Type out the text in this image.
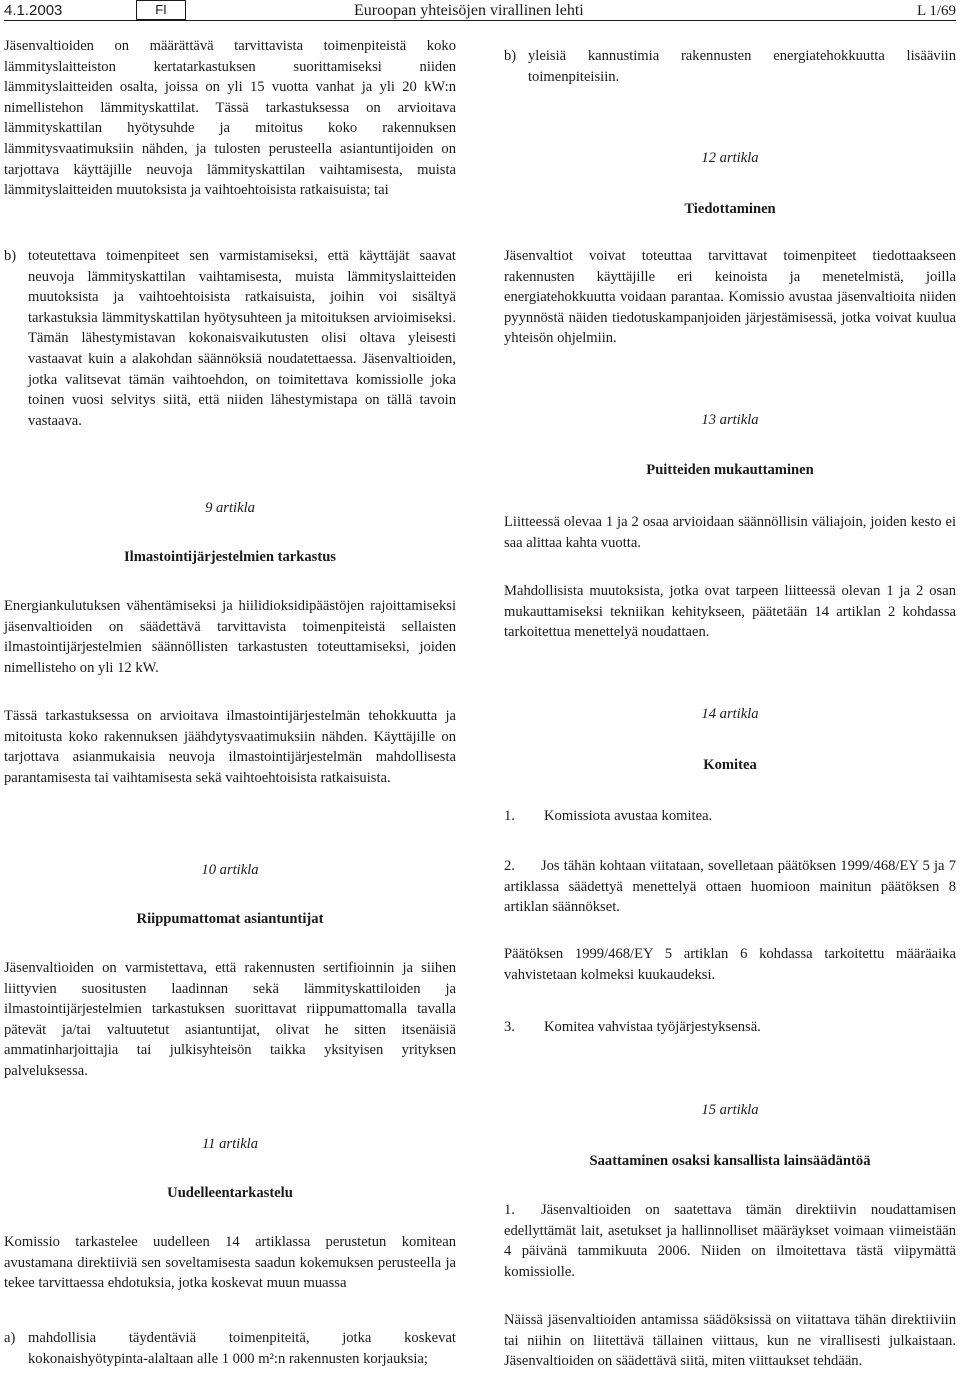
4.1.2003	FI	Euroopan yhteisöjen virallinen lehti	L 1/69

Jäsenvaltioiden on määrättävä tarvittavista toimenpiteistä koko lämmityslaitteiston kertatarkastuksen suorittamiseksi niiden lämmityslaitteiden osalta, joissa on yli 15 vuotta vanhat ja yli 20 kW:n nimellistehon lämmityskattilat. Tässä tarkastuksessa on arvioitava lämmityskattilan hyötysuhde ja mitoitus koko rakennuksen lämmitysvaatimuksiin nähden, ja tulosten perusteella asiantuntijoiden on tarjottava käyttäjille neuvoja lämmityskattilan vaihtamisesta, muista lämmityslaitteiden muutoksista ja vaihtoehtoisista ratkaisuista; tai

b) toteutettava toimenpiteet sen varmistamiseksi, että käyttäjät saavat neuvoja lämmityskattilan vaihtamisesta, muista lämmityslaitteiden muutoksista ja vaihtoehtoisista ratkaisuista, joihin voi sisältyä tarkastuksia lämmityskattilan hyötysuhteen ja mitoituksen arvioimiseksi. Tämän lähestymistavan kokonaisvaikutusten olisi oltava yleisesti vastaavat kuin a alakohdan säännöksiä noudatettaessa. Jäsenvaltioiden, jotka valitsevat tämän vaihtoehdon, on toimitettava komissiolle joka toinen vuosi selvitys siitä, että niiden lähestymistapa on tällä tavoin vastaava.

9 artikla

Ilmastointijärjestelmien tarkastus

Energiankulutuksen vähentämiseksi ja hiilidioksidipäästöjen rajoittamiseksi jäsenvaltioiden on säädettävä tarvittavista toimenpiteistä sellaisten ilmastointijärjestelmien säännöllisten tarkastusten toteuttamiseksi, joiden nimellisteho on yli 12 kW.

Tässä tarkastuksessa on arvioitava ilmastointijärjestelmän tehokkuutta ja mitoitusta koko rakennuksen jäähdytysvaatimuksiin nähden. Käyttäjille on tarjottava asianmukaisia neuvoja ilmastointijärjestelmän mahdollisesta parantamisesta tai vaihtamisesta sekä vaihtoehtoisista ratkaisuista.

10 artikla

Riippumattomat asiantuntijat

Jäsenvaltioiden on varmistettava, että rakennusten sertifioinnin ja siihen liittyvien suositusten laadinnan sekä lämmityskattiloiden ja ilmastointijärjestelmien tarkastuksen suorittavat riippumattomalla tavalla pätevät ja/tai valtuutetut asiantuntijat, olivat he sitten itsenäisiä ammatinharjoittajia tai julkisyhteisön taikka yksityisen yrityksen palveluksessa.

11 artikla

Uudelleentarkastelu

Komissio tarkastelee uudelleen 14 artiklassa perustetun komitean avustamana direktiiviä sen soveltamisesta saadun kokemuksen perusteella ja tekee tarvittaessa ehdotuksia, jotka koskevat muun muassa

a) mahdollisia täydentäviä toimenpiteitä, jotka koskevat kokonaishyötypinta-alaltaan alle 1 000 m²:n rakennusten korjauksia;
b) yleisiä kannustimia rakennusten energiatehokkuutta lisääviin toimenpiteisiin.

12 artikla

Tiedottaminen

Jäsenvaltiot voivat toteuttaa tarvittavat toimenpiteet tiedottaakseen rakennusten käyttäjille eri keinoista ja menetelmistä, joilla energiatehokkuutta voidaan parantaa. Komissio avustaa jäsenvaltioita niiden pyynnöstä näiden tiedotuskampanjoiden järjestämisessä, jotka voivat kuulua yhteisön ohjelmiin.

13 artikla

Puitteiden mukauttaminen

Liitteessä olevaa 1 ja 2 osaa arvioidaan säännöllisin väliajoin, joiden kesto ei saa alittaa kahta vuotta.

Mahdollisista muutoksista, jotka ovat tarpeen liitteessä olevan 1 ja 2 osan mukauttamiseksi tekniikan kehitykseen, päätetään 14 artiklan 2 kohdassa tarkoitettua menettelyä noudattaen.

14 artikla

Komitea

1.	Komissiota avustaa komitea.

2. Jos tähän kohtaan viitataan, sovelletaan päätöksen 1999/468/EY 5 ja 7 artiklassa säädettyä menettelyä ottaen huomioon mainitun päätöksen 8 artiklan säännökset.

Päätöksen 1999/468/EY 5 artiklan 6 kohdassa tarkoitettu määräaika vahvistetaan kolmeksi kuukaudeksi.

3.	Komitea vahvistaa työjärjestyksensä.

15 artikla

Saattaminen osaksi kansallista lainsäädäntöä

1. Jäsenvaltioiden on saatettava tämän direktiivin noudattamisen edellyttämät lait, asetukset ja hallinnolliset määräykset voimaan viimeistään 4 päivänä tammikuuta 2006. Niiden on ilmoitettava tästä viipymättä komissiolle.

Näissä jäsenvaltioiden antamissa säädöksissä on viitattava tähän direktiiviin tai niihin on liitettävä tällainen viittaus, kun ne virallisesti julkaistaan. Jäsenvaltioiden on säädettävä siitä, miten viittaukset tehdään.
